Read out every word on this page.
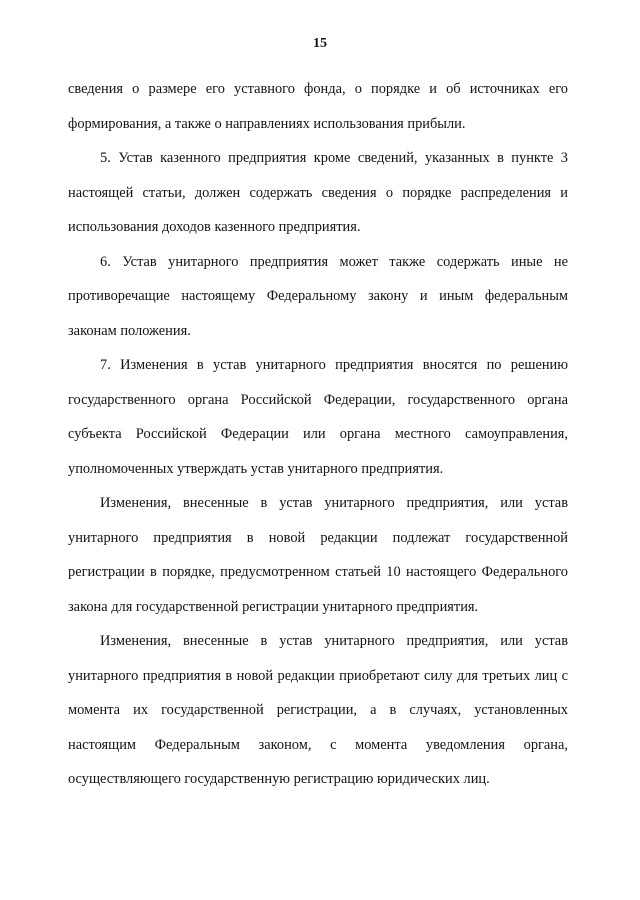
15

сведения о размере его уставного фонда, о порядке и об источниках его формирования, а также о направлениях использования прибыли.

5. Устав казенного предприятия кроме сведений, указанных в пункте 3 настоящей статьи, должен содержать сведения о порядке распределения и использования доходов казенного предприятия.

6. Устав унитарного предприятия может также содержать иные не противоречащие настоящему Федеральному закону и иным федеральным законам положения.

7. Изменения в устав унитарного предприятия вносятся по решению государственного органа Российской Федерации, государственного органа субъекта Российской Федерации или органа местного самоуправления, уполномоченных утверждать устав унитарного предприятия.

Изменения, внесенные в устав унитарного предприятия, или устав унитарного предприятия в новой редакции подлежат государственной регистрации в порядке, предусмотренном статьей 10 настоящего Федерального закона для государственной регистрации унитарного предприятия.

Изменения, внесенные в устав унитарного предприятия, или устав унитарного предприятия в новой редакции приобретают силу для третьих лиц с момента их государственной регистрации, а в случаях, установленных настоящим Федеральным законом, с момента уведомления органа, осуществляющего государственную регистрацию юридических лиц.
